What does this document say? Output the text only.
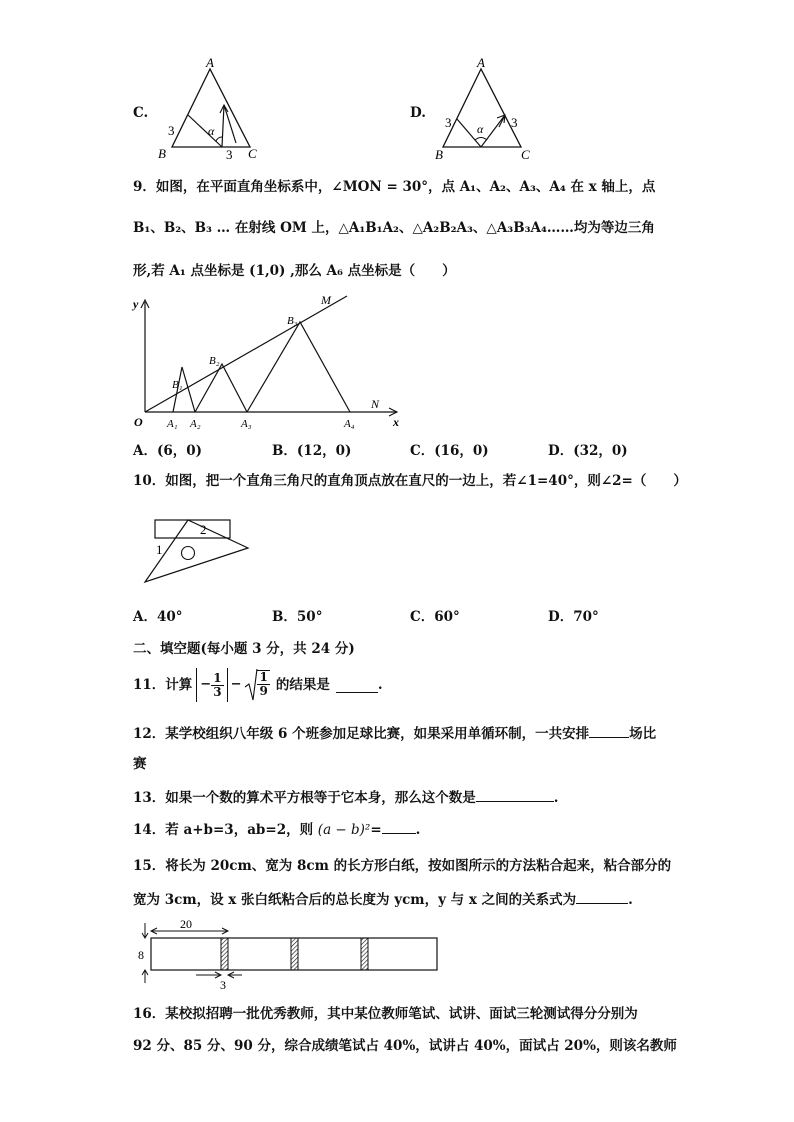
C.
A
B	C
3
3
α
D.
A
B	C
3	3
α
9．如图，在平面直角坐标系中，∠MON = 30°，点 A₁、A₂、A₃、A₄ 在 x 轴上，点
B₁、B₂、B₃ … 在射线 OM 上，△A₁B₁A₂、△A₂B₂A₃、△A₃B₃A₄……均为等边三角
形,若 A₁ 点坐标是 (1,0) ,那么 A₆ 点坐标是（　　）
y
x
O
M
N
A₁ A₂	A₃	A₄
B₁
B₂
B₃
A．(6，0)	B．(12，0)	C．(16，0)	D．(32，0)
10．如图，把一个直角三角尺的直角顶点放在直尺的一边上，若∠1=40°，则∠2=（　　）
1
2
A．40°	B．50°	C．60°	D．70°
二、填空题(每小题 3 分，共 24 分)
11．计算 − $\frac{1}{3} - \frac{1}{9}$ 的结果是	.
12．某学校组织八年级 6 个班参加足球比赛，如果采用单循环制，一共安排	场比
赛
13．如果一个数的算术平方根等于它本身，那么这个数是	.
14．若 a+b=3，ab=2，则 (a − b)²=	.
15．将长为 20cm、宽为 8cm 的长方形白纸，按如图所示的方法粘合起来，粘合部分的
宽为 3cm，设 x 张白纸粘合后的总长度为 ycm，y 与 x 之间的关系式为	.
20
8
3
16．某校拟招聘一批优秀教师，其中某位教师笔试、试讲、面试三轮测试得分分别为
92 分、85 分、90 分，综合成绩笔试占 40%，试讲占 40%，面试占 20%，则该名教师
